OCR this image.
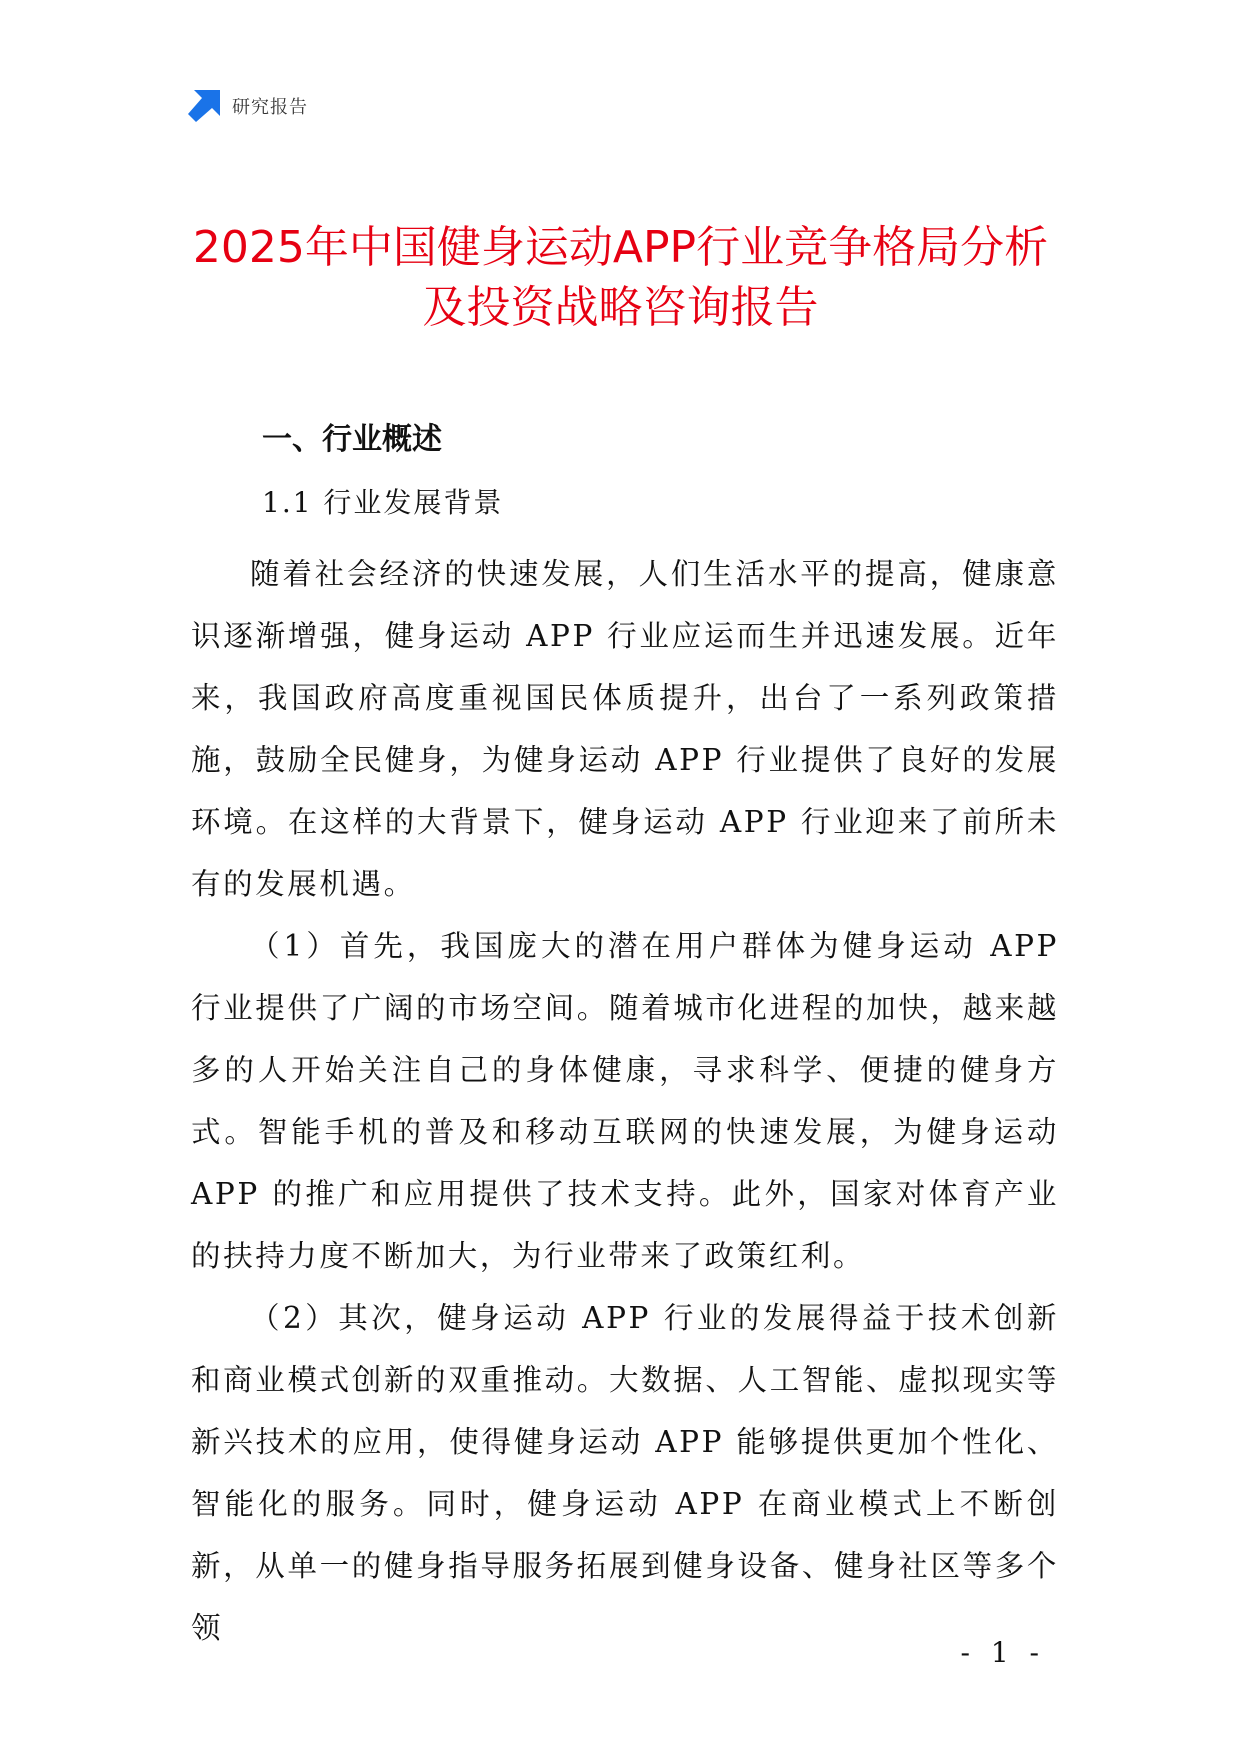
研究报告
2025年中国健身运动APP行业竞争格局分析
及投资战略咨询报告
一、行业概述
1.1 行业发展背景

随着社会经济的快速发展，人们生活水平的提高，健康意识逐渐增强，健身运动 APP 行业应运而生并迅速发展。近年来，我国政府高度重视国民体质提升，出台了一系列政策措施，鼓励全民健身，为健身运动 APP 行业提供了良好的发展环境。在这样的大背景下，健身运动 APP 行业迎来了前所未有的发展机遇。

（1）首先，我国庞大的潜在用户群体为健身运动 APP 行业提供了广阔的市场空间。随着城市化进程的加快，越来越多的人开始关注自己的身体健康，寻求科学、便捷的健身方式。智能手机的普及和移动互联网的快速发展，为健身运动 APP 的推广和应用提供了技术支持。此外，国家对体育产业的扶持力度不断加大，为行业带来了政策红利。

（2）其次，健身运动 APP 行业的发展得益于技术创新和商业模式创新的双重推动。大数据、人工智能、虚拟现实等新兴技术的应用，使得健身运动 APP 能够提供更加个性化、智能化的服务。同时，健身运动 APP 在商业模式上不断创新，从单一的健身指导服务拓展到健身设备、健身社区等多个领

- 1 -
